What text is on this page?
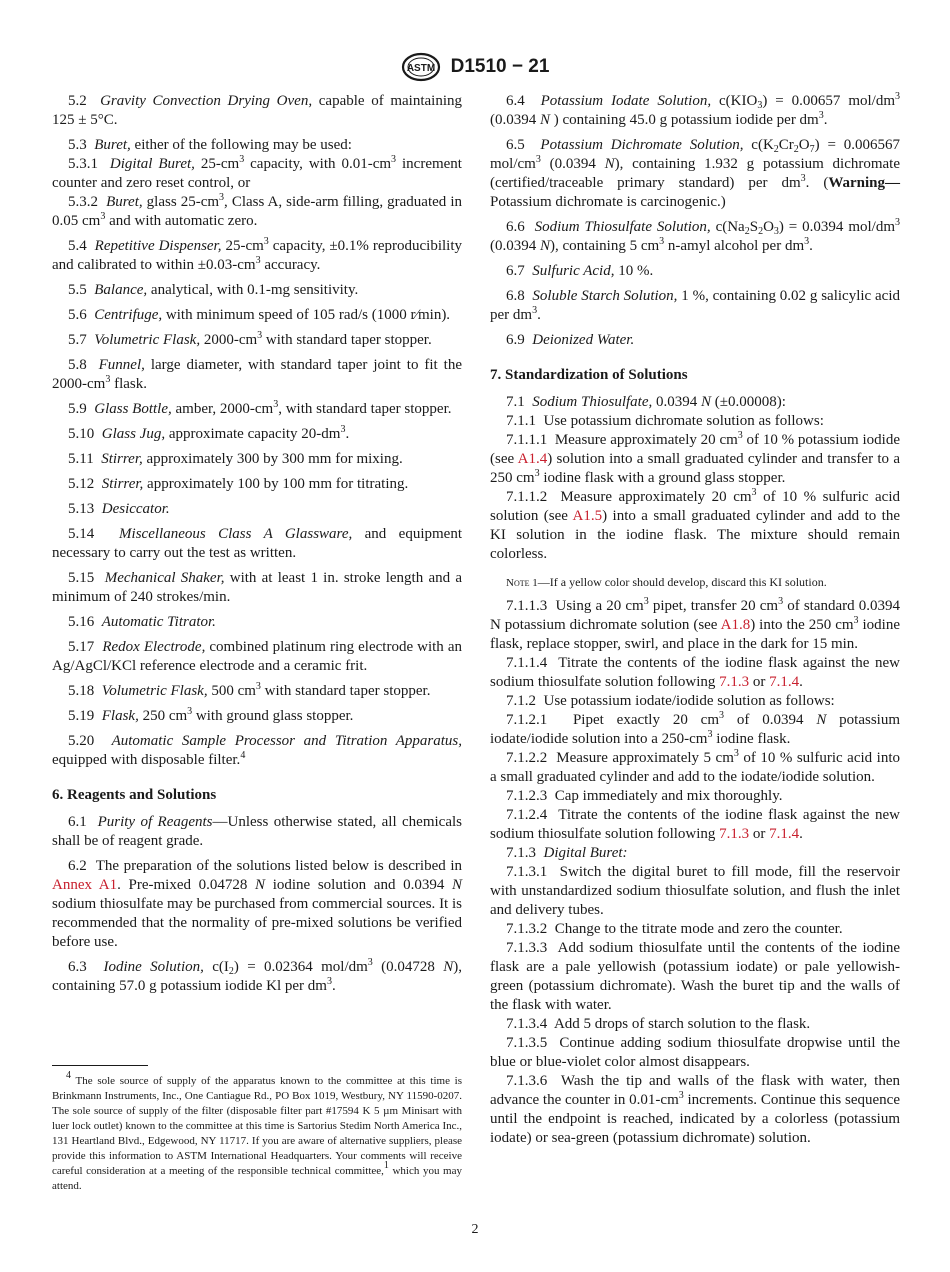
ASTM D1510 − 21

5.2 Gravity Convection Drying Oven, capable of maintaining 125 ± 5°C.

5.3 Buret, either of the following may be used:

5.3.1 Digital Buret, $25-cm^3$ capacity, with $0.01-cm^3$ increment counter and zero reset control, or

5.3.2 Buret, glass $25-cm^3$, Class A, side-arm filling, graduated in 0.05 $cm^3$ and with automatic zero.

5.4 Repetitive Dispenser, $25-cm^3$ capacity, ±0.1% reproducibility and calibrated to within $\pm 0.03-cm^3$ accuracy.

5.5 Balance, analytical, with 0.1-mg sensitivity.

5.6 Centrifuge, with minimum speed of 105 rad/s (1000 r⁄min).

5.7 Volumetric Flask, $2000-cm^3$ with standard taper stopper.

5.8 Funnel, large diameter, with standard taper joint to fit the $2000-cm^3$ flask.

5.9 Glass Bottle, amber, $2000-cm^3$, with standard taper stopper.

5.10 Glass Jug, approximate capacity $20-dm^3$.

5.11 Stirrer, approximately 300 by 300 mm for mixing.

5.12 Stirrer, approximately 100 by 100 mm for titrating.

5.13 Desiccator.

5.14 Miscellaneous Class A Glassware, and equipment necessary to carry out the test as written.

5.15 Mechanical Shaker, with at least 1 in. stroke length and a minimum of 240 strokes/min.

5.16 Automatic Titrator.

5.17 Redox Electrode, combined platinum ring electrode with an Ag/AgCl/KCl reference electrode and a ceramic frit.

5.18 Volumetric Flask, 500 $cm^3$ with standard taper stopper.

5.19 Flask, 250 $cm^3$ with ground glass stopper.

5.20 Automatic Sample Processor and Titration Apparatus, equipped with disposable filter.$^4$

6. Reagents and Solutions

6.1 Purity of Reagents—Unless otherwise stated, all chemicals shall be of reagent grade.

6.2 The preparation of the solutions listed below is described in Annex A1. Pre-mixed 0.04728 N iodine solution and 0.0394 N sodium thiosulfate may be purchased from commercial sources. It is recommended that the normality of pre-mixed solutions be verified before use.

6.3 Iodine Solution, $c(I_2) = 0.02364$ mol/$dm^3$ (0.04728 N), containing 57.0 g potassium iodide Kl per $dm^3$.

$^4$ The sole source of supply of the apparatus known to the committee at this time is Brinkmann Instruments, Inc., One Cantiague Rd., PO Box 1019, Westbury, NY 11590-0207. The sole source of supply of the filter (disposable filter part #17594 K 5 µm Minisart with luer lock outlet) known to the committee at this time is Sartorius Stedim North America Inc., 131 Heartland Blvd., Edgewood, NY 11717. If you are aware of alternative suppliers, please provide this information to ASTM International Headquarters. Your comments will receive careful consideration at a meeting of the responsible technical committee,$^1$ which you may attend.

6.4 Potassium Iodate Solution, $c(KIO_3) = 0.00657$ mol/$dm^3$ (0.0394 N ) containing 45.0 g potassium iodide per $dm^3$.

6.5 Potassium Dichromate Solution, $c(K_2Cr_2O_7) = 0.006567$ mol/$cm^3$ (0.0394 N), containing 1.932 g potassium dichromate (certified/traceable primary standard) per $dm^3$. (Warning—Potassium dichromate is carcinogenic.)

6.6 Sodium Thiosulfate Solution, $c(Na_2S_2O_3) = 0.0394$ mol/$dm^3$ (0.0394 N), containing 5 $cm^3$ n-amyl alcohol per $dm^3$.

6.7 Sulfuric Acid, 10 %.

6.8 Soluble Starch Solution, 1 %, containing 0.02 g salicylic acid per $dm^3$.

6.9 Deionized Water.

7. Standardization of Solutions

7.1 Sodium Thiosulfate, 0.0394 N (±0.00008):

7.1.1 Use potassium dichromate solution as follows:

7.1.1.1 Measure approximately 20 $cm^3$ of 10 % potassium iodide (see A1.4) solution into a small graduated cylinder and transfer to a 250 $cm^3$ iodine flask with a ground glass stopper.

7.1.1.2 Measure approximately 20 $cm^3$ of 10 % sulfuric acid solution (see A1.5) into a small graduated cylinder and add to the KI solution in the iodine flask. The mixture should remain colorless.

Note 1—If a yellow color should develop, discard this KI solution.

7.1.1.3 Using a 20 $cm^3$ pipet, transfer 20 $cm^3$ of standard 0.0394 N potassium dichromate solution (see A1.8) into the 250 $cm^3$ iodine flask, replace stopper, swirl, and place in the dark for 15 min.

7.1.1.4 Titrate the contents of the iodine flask against the new sodium thiosulfate solution following 7.1.3 or 7.1.4.

7.1.2 Use potassium iodate/iodide solution as follows:

7.1.2.1 Pipet exactly 20 $cm^3$ of 0.0394 N potassium iodate/iodide solution into a $250-cm^3$ iodine flask.

7.1.2.2 Measure approximately 5 $cm^3$ of 10 % sulfuric acid into a small graduated cylinder and add to the iodate/iodide solution.

7.1.2.3 Cap immediately and mix thoroughly.

7.1.2.4 Titrate the contents of the iodine flask against the new sodium thiosulfate solution following 7.1.3 or 7.1.4.

7.1.3 Digital Buret:

7.1.3.1 Switch the digital buret to fill mode, fill the reservoir with unstandardized sodium thiosulfate solution, and flush the inlet and delivery tubes.

7.1.3.2 Change to the titrate mode and zero the counter.

7.1.3.3 Add sodium thiosulfate until the contents of the iodine flask are a pale yellowish (potassium iodate) or pale yellowish-green (potassium dichromate). Wash the buret tip and the walls of the flask with water.

7.1.3.4 Add 5 drops of starch solution to the flask.

7.1.3.5 Continue adding sodium thiosulfate dropwise until the blue or blue-violet color almost disappears.

7.1.3.6 Wash the tip and walls of the flask with water, then advance the counter in $0.01-cm^3$ increments. Continue this sequence until the endpoint is reached, indicated by a colorless (potassium iodate) or sea-green (potassium dichromate) solution.

2
